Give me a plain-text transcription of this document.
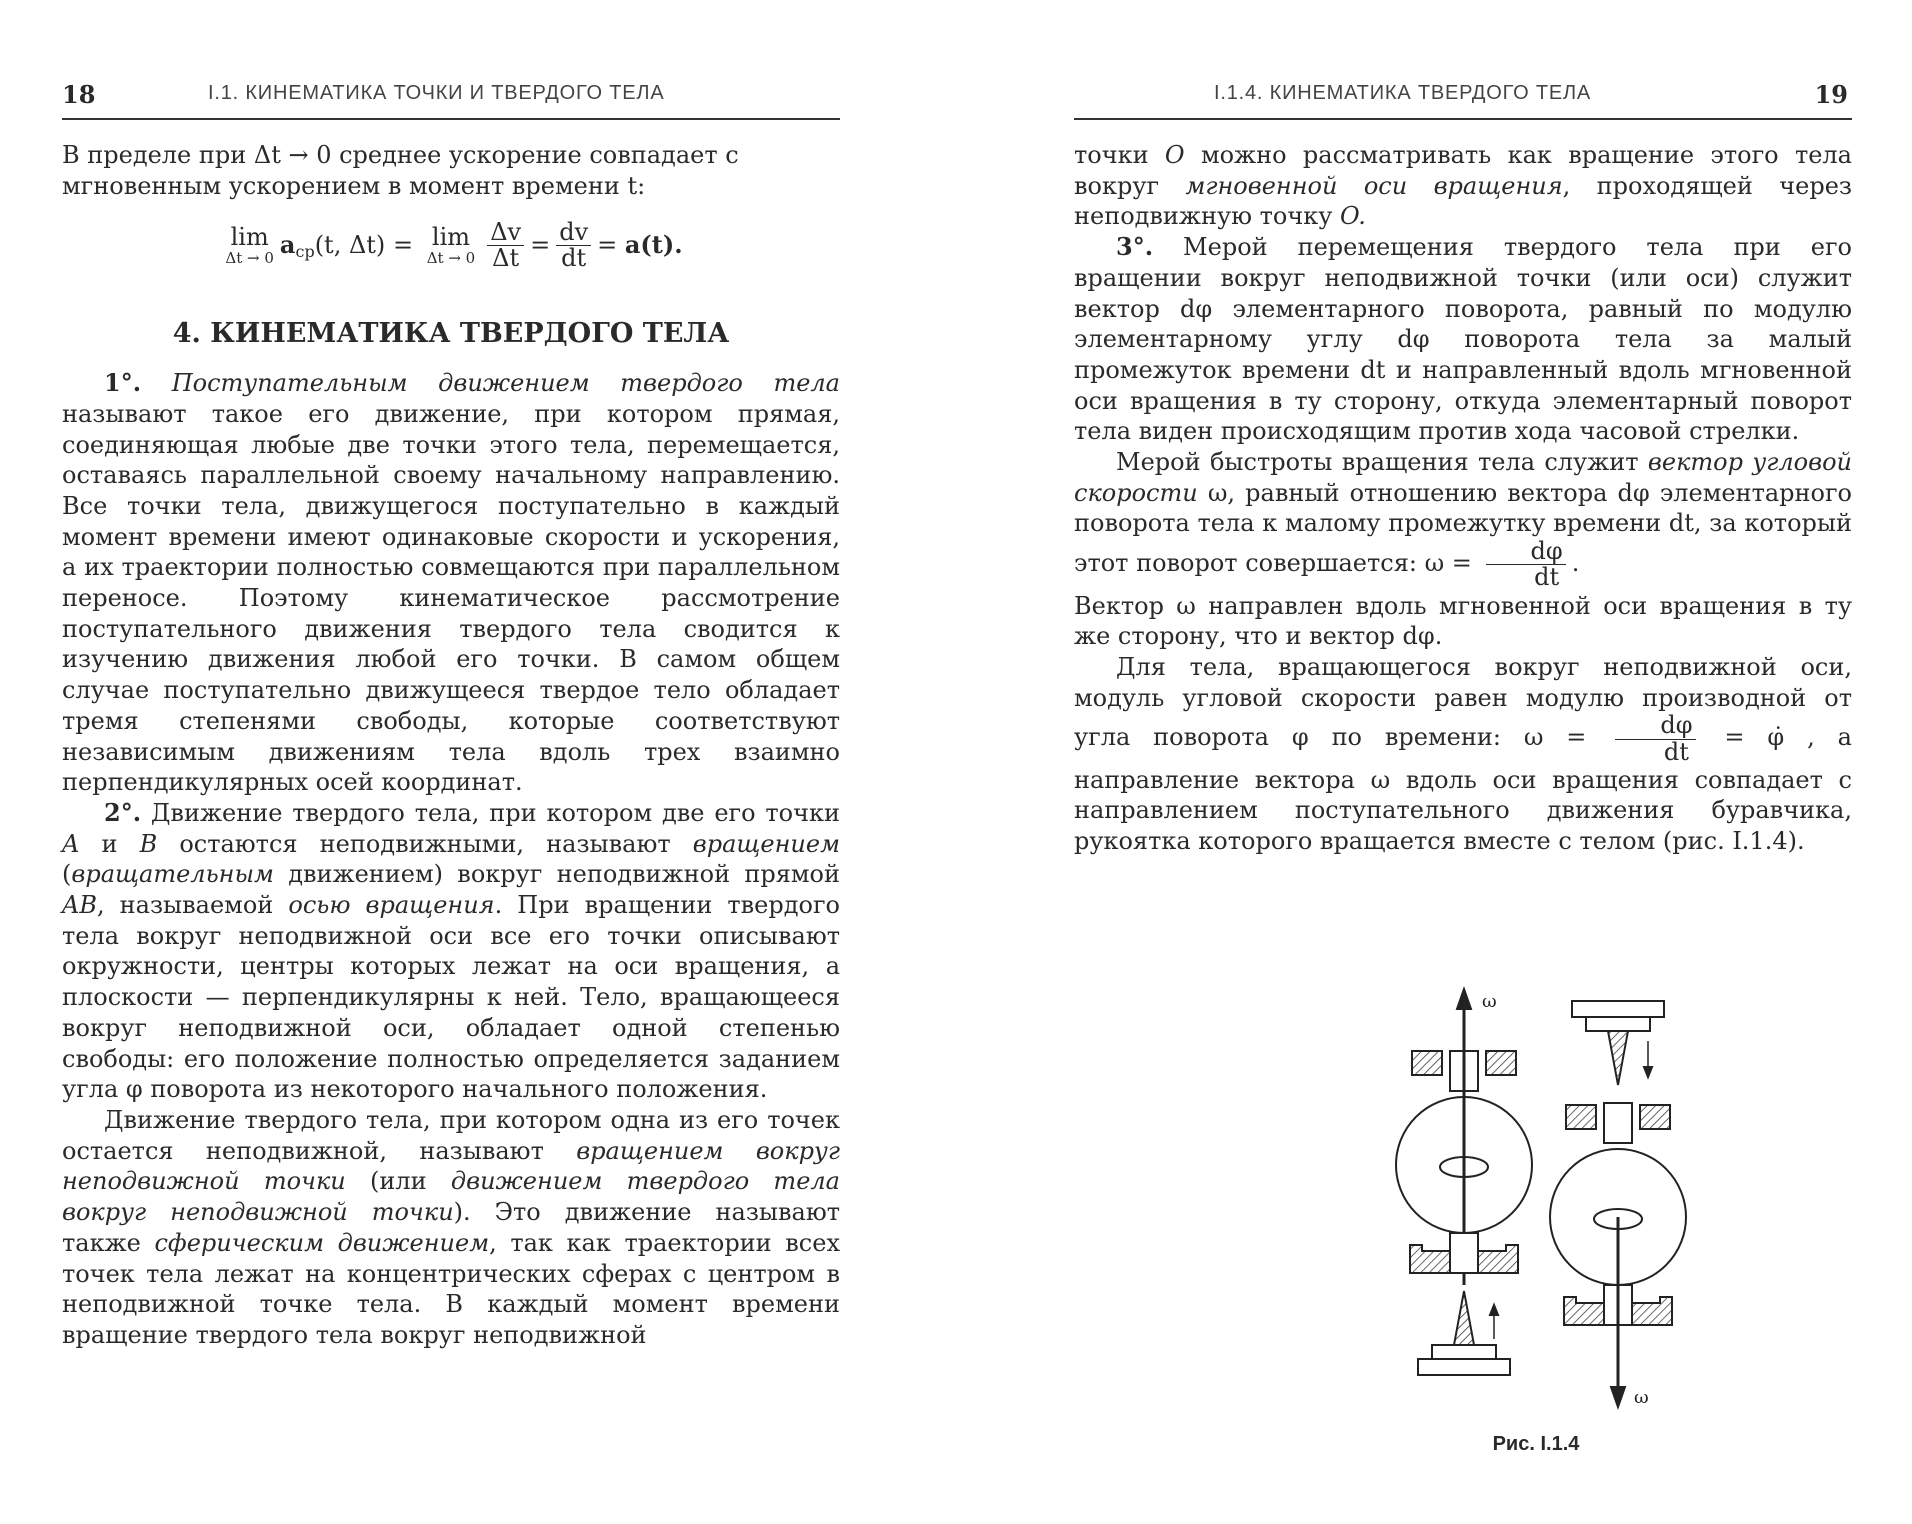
18	I.1. КИНЕМАТИКА ТОЧКИ И ТВЕРДОГО ТЕЛА

В пределе при Δt → 0 среднее ускорение совпадает с

мгновенным ускорением в момент времени t:

lim
Δt → 0 a ср (t, Δt)
=
lim
$\Delta t \to 0 \frac{\Delta v}{\Delta t} = \frac{dv}{dt}$ =
a(t).

4. КИНЕМАТИКА ТВЕРДОГО ТЕЛА

1°. Поступательным движением твердого тела называют такое его движение, при котором прямая, соединяющая любые две точки этого тела, перемещается, оставаясь параллельной своему начальному направлению. Все точки тела, движущегося поступательно в каждый момент времени имеют одинаковые скорости и ускорения, а их траектории полностью совмещаются при параллельном переносе. Поэтому кинематическое рассмотрение поступательного движения твердого тела сводится к изучению движения любой его точки. В самом общем случае поступательно движущееся твердое тело обладает тремя степенями свободы, которые соответствуют независимым движениям тела вдоль трех взаимно перпендикулярных осей координат.

2°. Движение твердого тела, при котором две его точки A и B остаются неподвижными, называют вращением (вращательным движением) вокруг неподвижной прямой AB, называемой осью вращения. При вращении твердого тела вокруг неподвижной оси все его точки описывают окружности, центры которых лежат на оси вращения, а плоскости — перпендикулярны к ней. Тело, вращающееся вокруг неподвижной оси, обладает одной степенью свободы: его положение полностью определяется заданием угла φ поворота из некоторого начального положения.

Движение твердого тела, при котором одна из его точек остается неподвижной, называют вращением вокруг неподвижной точки (или движением твердого тела вокруг неподвижной точки). Это движение называют также сферическим движением, так как траектории всех точек тела лежат на концентрических сферах с центром в неподвижной точке тела. В каждый момент времени вращение твердого тела вокруг неподвижной

I.1.4. КИНЕМАТИКА ТВЕРДОГО ТЕЛА	19

точки O можно рассматривать как вращение этого тела вокруг мгновенной оси вращения, проходящей через неподвижную точку O.

3°. Мерой перемещения твердого тела при его вращении вокруг неподвижной точки (или оси) служит вектор dφ элементарного поворота, равный по модулю элементарному углу dφ поворота тела за малый промежуток времени dt и направленный вдоль мгновенной оси вращения в ту сторону, откуда элементарный поворот тела виден происходящим против хода часовой стрелки.

Мерой быстроты вращения тела служит вектор угловой скорости ω, равный отношению вектора dφ элементарного поворота тела к малому промежутку времени dt, за который этот поворот совершается: $\omega = \frac{d\varphi}{dt}$ .

Вектор ω направлен вдоль мгновенной оси вращения в ту же сторону, что и вектор dφ.

Для тела, вращающегося вокруг неподвижной оси, модуль угловой скорости равен модулю производной от угла поворота φ по времени: $\omega = \frac{d\varphi}{dt}$ = φ̇ , а направление вектора ω вдоль оси вращения совпадает с направлением поступательного движения буравчика, рукоятка которого вращается вместе с телом (рис. I.1.4).

ω
ω
Рис. I.1.4
